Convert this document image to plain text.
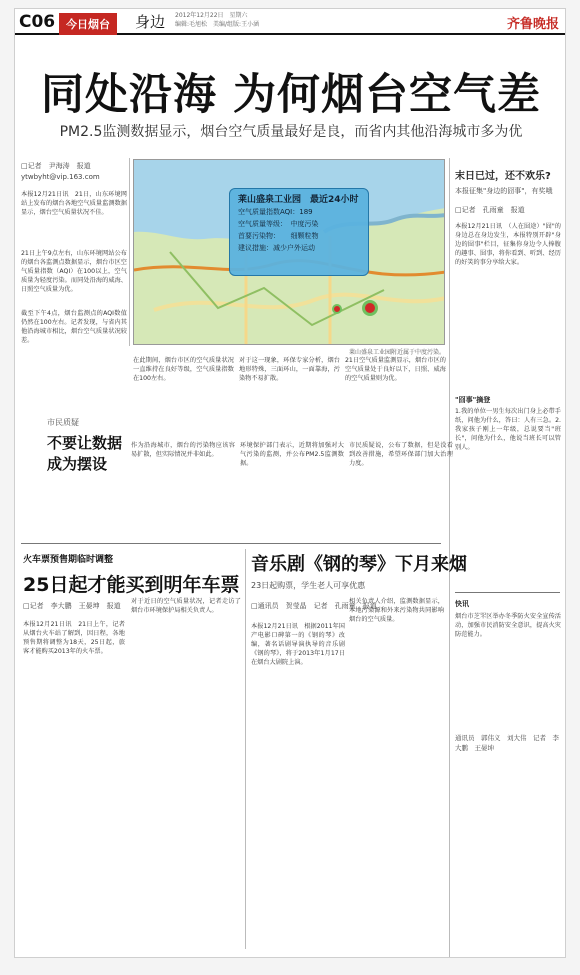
C06 今日烟台	身边 2012年12月22日　星期六
编辑:毛旭松　美编/组版:王小涵	齐鲁晚报
同处沿海 为何烟台空气差
PM2.5监测数据显示，烟台空气质量最好是良，而省内其他沿海城市多为优
□记者　尹海涛　报道
ytwbyht@vip.163.com
本报12月21日讯　21日，山东环境网站上发布的烟台各地空气质量监测数据显示，烟台空气质量状况不佳。
21日上午9点左右，山东环境网站公布的烟台各监测点数据显示，烟台市区空气质量指数（AQI）在100以上，空气质量为轻度污染。而同处沿海的威海、日照空气质量为优。
截至下午4点，烟台监测点的AQI数值仍然在100左右。记者发现，与省内其他沿海城市相比，烟台空气质量状况较差。
莱山盛泉工业园　最近24小时
空气质量指数AQI：189
空气质量等级：　中度污染
首要污染物：　　细颗粒物
建议措施：减少户外运动
莱山盛泉工业园附近属于中度污染。
在此期间，烟台市区的空气质量状况一直维持在良好等级，空气质量指数在100左右。
对于这一现象，环保专家分析，烟台地形特殊，三面环山，一面靠海，污染物不易扩散。
21日空气质量监测显示，烟台市区的空气质量处于良好以下，日照、威海的空气质量则为优。
市民质疑
不要让数据成为摆设
作为沿海城市，烟台的污染物应该容易扩散，但实际情况并非如此。
环境保护部门表示，近期将加强对大气污染的监测，并公布PM2.5监测数据。
市民质疑说，公布了数据，但是没看到改善措施，希望环保部门加大治理力度。
火车票预售期临时调整
25日起才能买到明年车票
□记者　李大鹏　王晏坤　报道
本报12月21日讯　21日上午，记者从烟台火车站了解到，因日程，各地预售期将调整为18天，25日起，旅客才能购买2013年的火车票。
对于近日的空气质量状况，记者走访了烟台市环境保护局相关负责人。
音乐剧《钢的琴》下月来烟
23日起购票，学生老人可享优惠
□通讯员　贺莹晶　记者　孔雨童　报道
本报12月21日讯　根据2011年国产电影口碑第一的《钢的琴》改编，著名话剧导演执导的音乐剧《钢的琴》，将于2013年1月17日在烟台大剧院上演。
相关负责人介绍，监测数据显示，本地污染源和外来污染物共同影响烟台的空气质量。
末日已过，还不欢乐?
本报征集"身边的囧事"，有奖哦
□记者　孔雨童　报道
本报12月21日讯　（人在囧途）"囧"的身边总在身边发生，本报特别开辟"身边的囧事"栏目，征集你身边令人捧腹的趣事、囧事，将你看到、听到、经历的好笑的事分享给大家。
"囧事"摘登
1.我的单位一男生每次出门身上必带手纸，问他为什么，答曰：人有三急。2.我家孩子刚上一年级，总说要当"班长"，问他为什么，他说当班长可以管别人。
快讯
烟台市芝罘区举办冬季防火安全宣传活动，加强市民消防安全意识，提高火灾防范能力。
通讯员　郭伟义　刘大伟　记者　李大鹏　王晏坤
